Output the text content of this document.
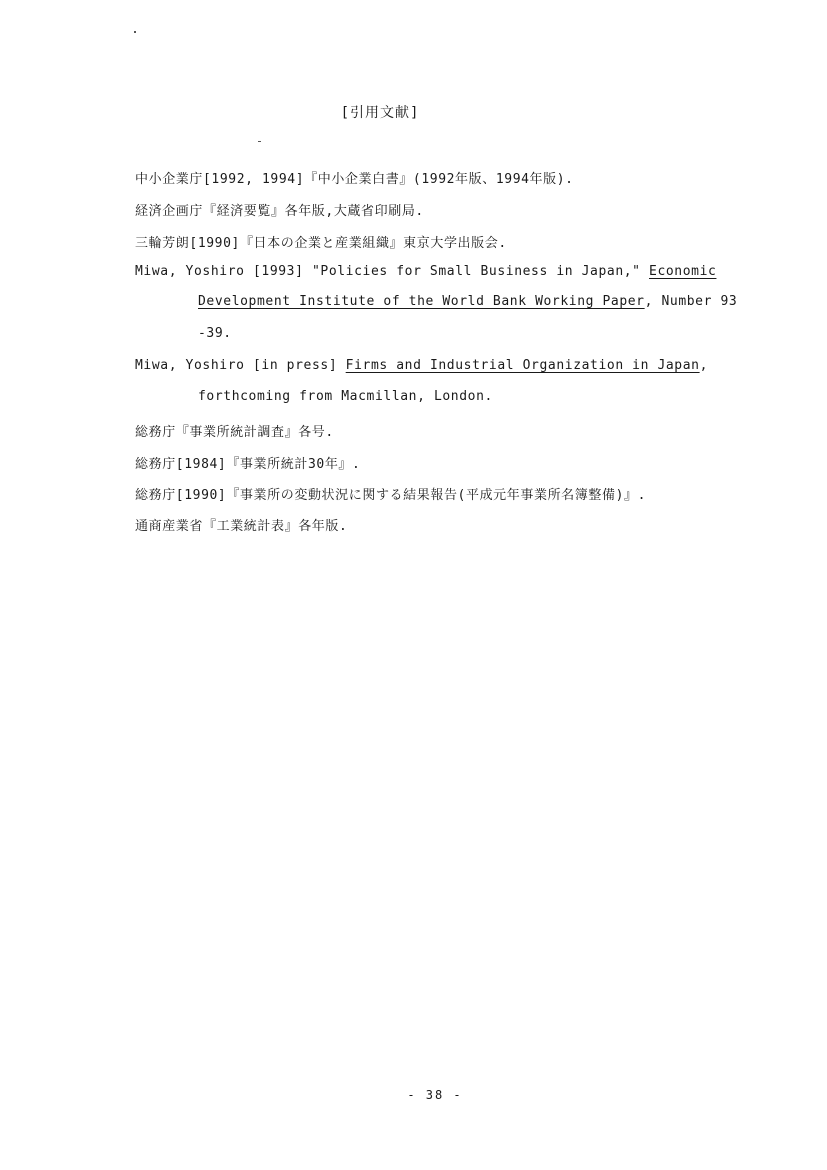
[引用文献]
中小企業庁[1992, 1994]『中小企業白書』(1992年版、1994年版).
経済企画庁『経済要覧』各年版,大蔵省印刷局.
三輪芳朗[1990]『日本の企業と産業組織』東京大学出版会.
Miwa, Yoshiro [1993] "Policies for Small Business in Japan," Economic
Development Institute of the World Bank Working Paper, Number 93
-39.
Miwa, Yoshiro [in press] Firms and Industrial Organization in Japan,
forthcoming from Macmillan, London.
総務庁『事業所統計調査』各号.
総務庁[1984]『事業所統計30年』.
総務庁[1990]『事業所の変動状況に関する結果報告(平成元年事業所名簿整備)』.
通商産業省『工業統計表』各年版.
- 38 -
